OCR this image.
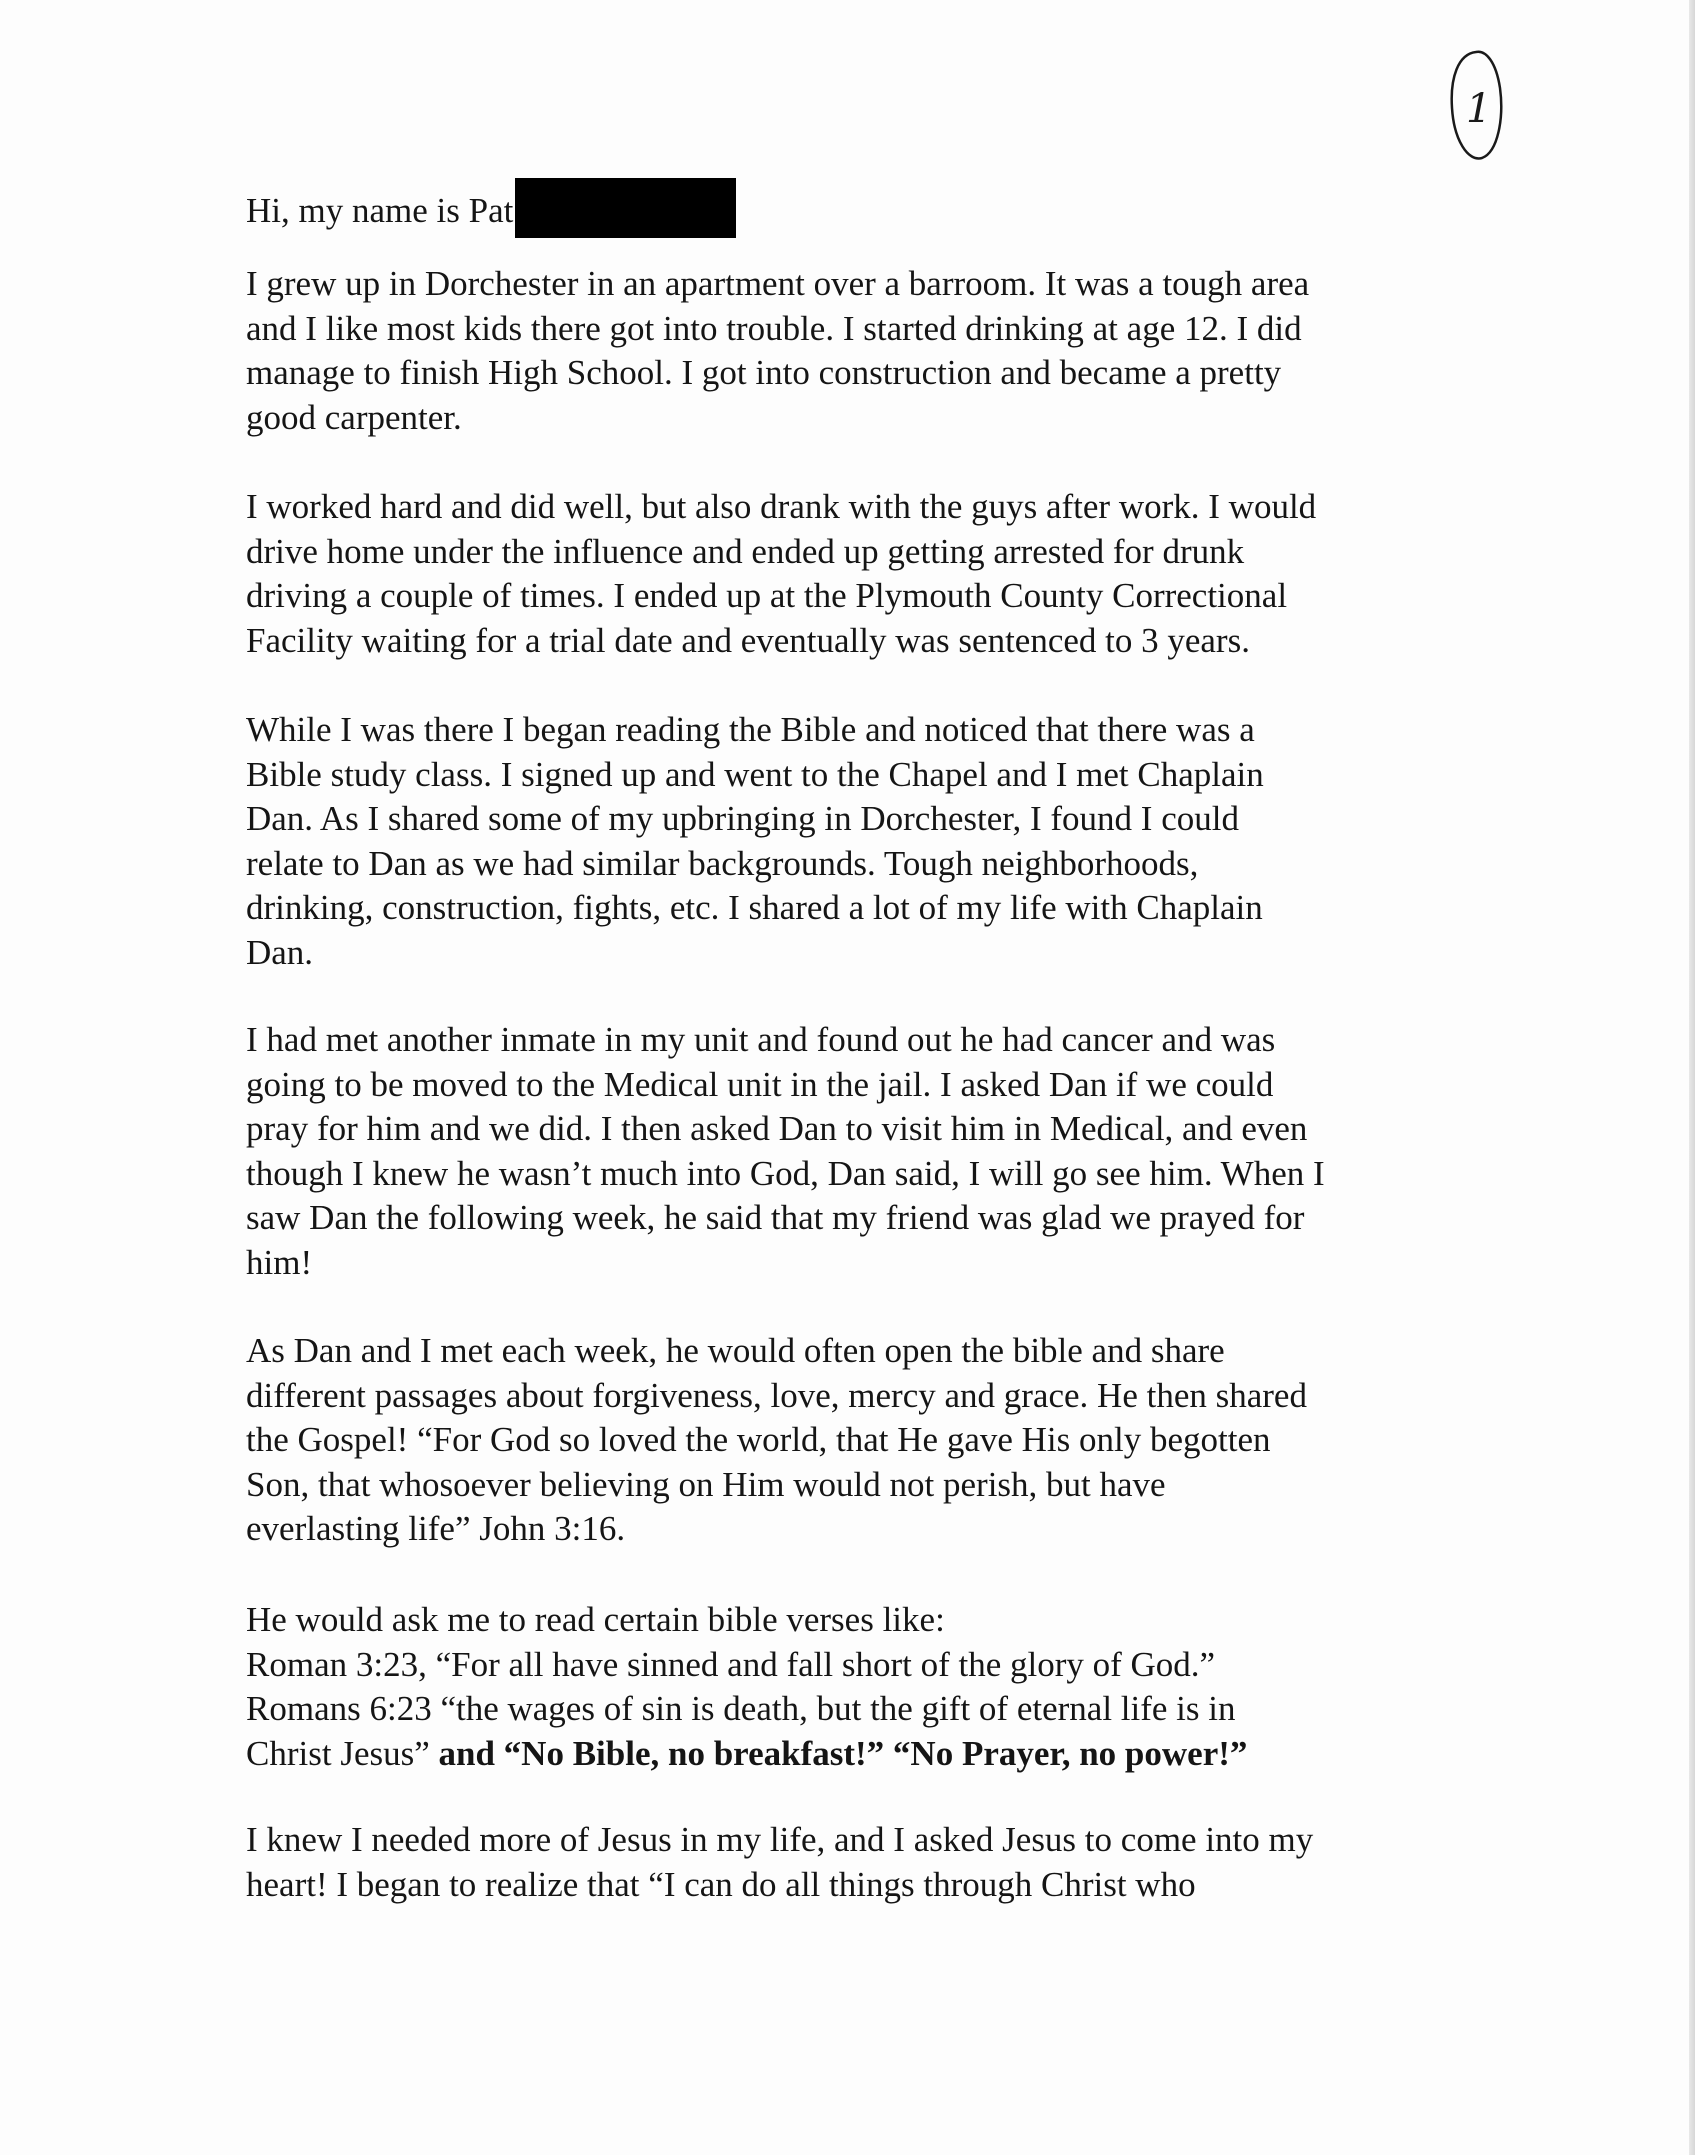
1
Hi, my name is Pat
I grew up in Dorchester in an apartment over a barroom. It was a tough area
and I like most kids there got into trouble. I started drinking at age 12. I did
manage to finish High School. I got into construction and became a pretty
good carpenter.
I worked hard and did well, but also drank with the guys after work. I would
drive home under the influence and ended up getting arrested for drunk
driving a couple of times. I ended up at the Plymouth County Correctional
Facility waiting for a trial date and eventually was sentenced to 3 years.
While I was there I began reading the Bible and noticed that there was a
Bible study class. I signed up and went to the Chapel and I met Chaplain
Dan. As I shared some of my upbringing in Dorchester, I found I could
relate to Dan as we had similar backgrounds. Tough neighborhoods,
drinking, construction, fights, etc. I shared a lot of my life with Chaplain
Dan.
I had met another inmate in my unit and found out he had cancer and was
going to be moved to the Medical unit in the jail. I asked Dan if we could
pray for him and we did. I then asked Dan to visit him in Medical, and even
though I knew he wasn’t much into God, Dan said, I will go see him. When I
saw Dan the following week, he said that my friend was glad we prayed for
him!
As Dan and I met each week, he would often open the bible and share
different passages about forgiveness, love, mercy and grace. He then shared
the Gospel! “For God so loved the world, that He gave His only begotten
Son, that whosoever believing on Him would not perish, but have
everlasting life” John 3:16.
He would ask me to read certain bible verses like:
Roman 3:23, “For all have sinned and fall short of the glory of God.”
Romans 6:23 “the wages of sin is death, but the gift of eternal life is in
Christ Jesus” and “No Bible, no breakfast!” “No Prayer, no power!”
I knew I needed more of Jesus in my life, and I asked Jesus to come into my
heart! I began to realize that “I can do all things through Christ who
